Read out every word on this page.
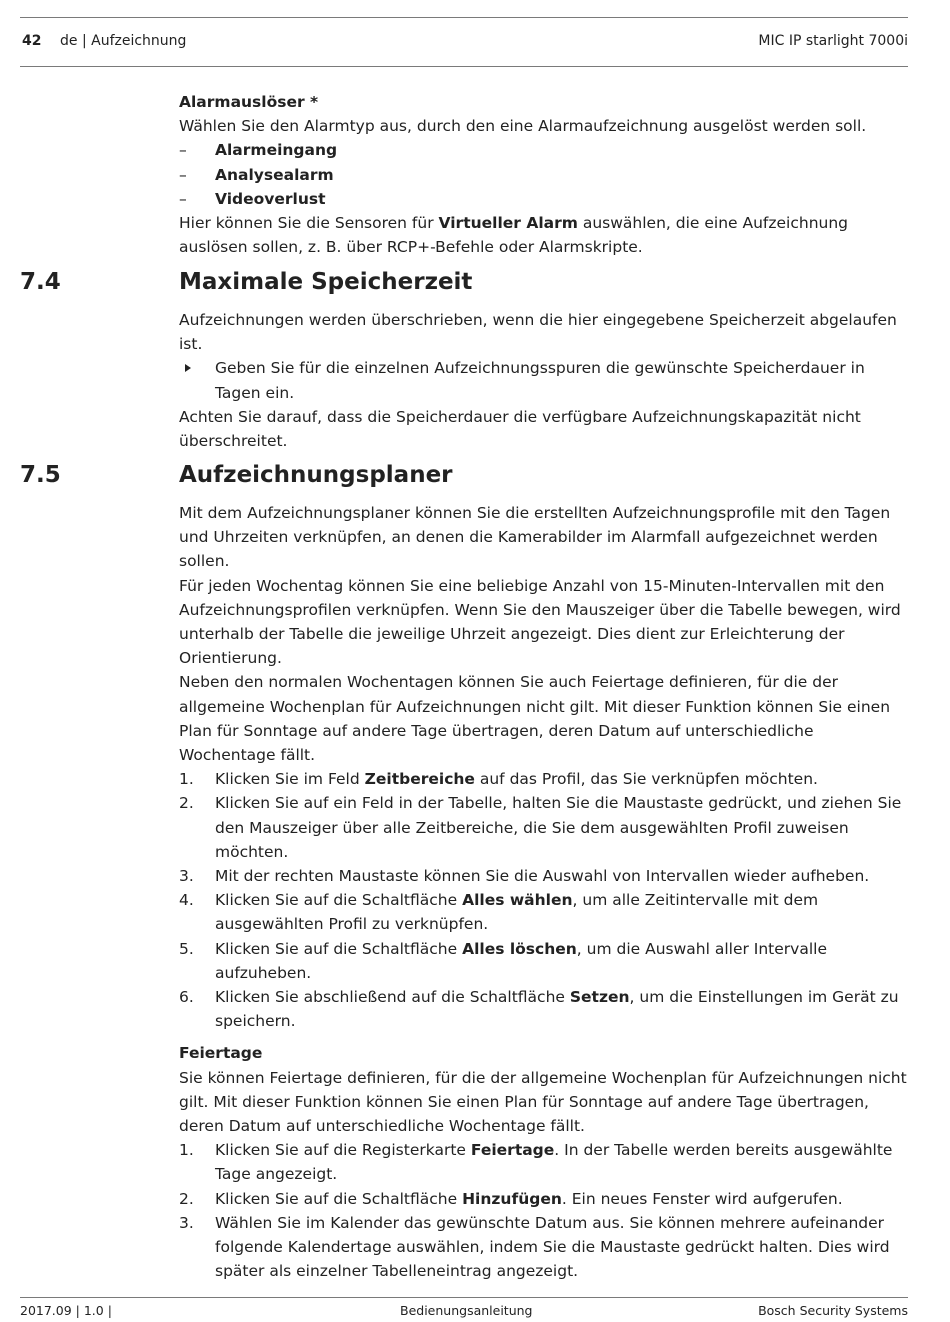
42 de | Aufzeichnung	MIC IP starlight 7000i

Alarmauslöser *

Wählen Sie den Alarmtyp aus, durch den eine Alarmaufzeichnung ausgelöst werden soll.

–	Alarmeingang
–	Analysealarm
–	Videoverlust

Hier können Sie die Sensoren für Virtueller Alarm auswählen, die eine Aufzeichnung auslösen sollen, z. B. über RCP+-Befehle oder Alarmskripte.

7.4	Maximale Speicherzeit

Aufzeichnungen werden überschrieben, wenn die hier eingegebene Speicherzeit abgelaufen ist.

Geben Sie für die einzelnen Aufzeichnungsspuren die gewünschte Speicherdauer in Tagen ein.

Achten Sie darauf, dass die Speicherdauer die verfügbare Aufzeichnungskapazität nicht überschreitet.

7.5	Aufzeichnungsplaner

Mit dem Aufzeichnungsplaner können Sie die erstellten Aufzeichnungsprofile mit den Tagen und Uhrzeiten verknüpfen, an denen die Kamerabilder im Alarmfall aufgezeichnet werden sollen.

Für jeden Wochentag können Sie eine beliebige Anzahl von 15-Minuten-Intervallen mit den Aufzeichnungsprofilen verknüpfen. Wenn Sie den Mauszeiger über die Tabelle bewegen, wird unterhalb der Tabelle die jeweilige Uhrzeit angezeigt. Dies dient zur Erleichterung der Orientierung.

Neben den normalen Wochentagen können Sie auch Feiertage definieren, für die der allgemeine Wochenplan für Aufzeichnungen nicht gilt. Mit dieser Funktion können Sie einen Plan für Sonntage auf andere Tage übertragen, deren Datum auf unterschiedliche Wochentage fällt.

1.	Klicken Sie im Feld Zeitbereiche auf das Profil, das Sie verknüpfen möchten.
2.	Klicken Sie auf ein Feld in der Tabelle, halten Sie die Maustaste gedrückt, und ziehen Sie den Mauszeiger über alle Zeitbereiche, die Sie dem ausgewählten Profil zuweisen möchten.
3.	Mit der rechten Maustaste können Sie die Auswahl von Intervallen wieder aufheben.
4.	Klicken Sie auf die Schaltfläche Alles wählen, um alle Zeitintervalle mit dem ausgewählten Profil zu verknüpfen.
5.	Klicken Sie auf die Schaltfläche Alles löschen, um die Auswahl aller Intervalle aufzuheben.
6.	Klicken Sie abschließend auf die Schaltfläche Setzen, um die Einstellungen im Gerät zu speichern.

Feiertage

Sie können Feiertage definieren, für die der allgemeine Wochenplan für Aufzeichnungen nicht gilt. Mit dieser Funktion können Sie einen Plan für Sonntage auf andere Tage übertragen, deren Datum auf unterschiedliche Wochentage fällt.

1.	Klicken Sie auf die Registerkarte Feiertage. In der Tabelle werden bereits ausgewählte Tage angezeigt.
2.	Klicken Sie auf die Schaltfläche Hinzufügen. Ein neues Fenster wird aufgerufen.
3.	Wählen Sie im Kalender das gewünschte Datum aus. Sie können mehrere aufeinander folgende Kalendertage auswählen, indem Sie die Maustaste gedrückt halten. Dies wird später als einzelner Tabelleneintrag angezeigt.
2017.09 | 1.0 |	Bedienungsanleitung	Bosch Security Systems
